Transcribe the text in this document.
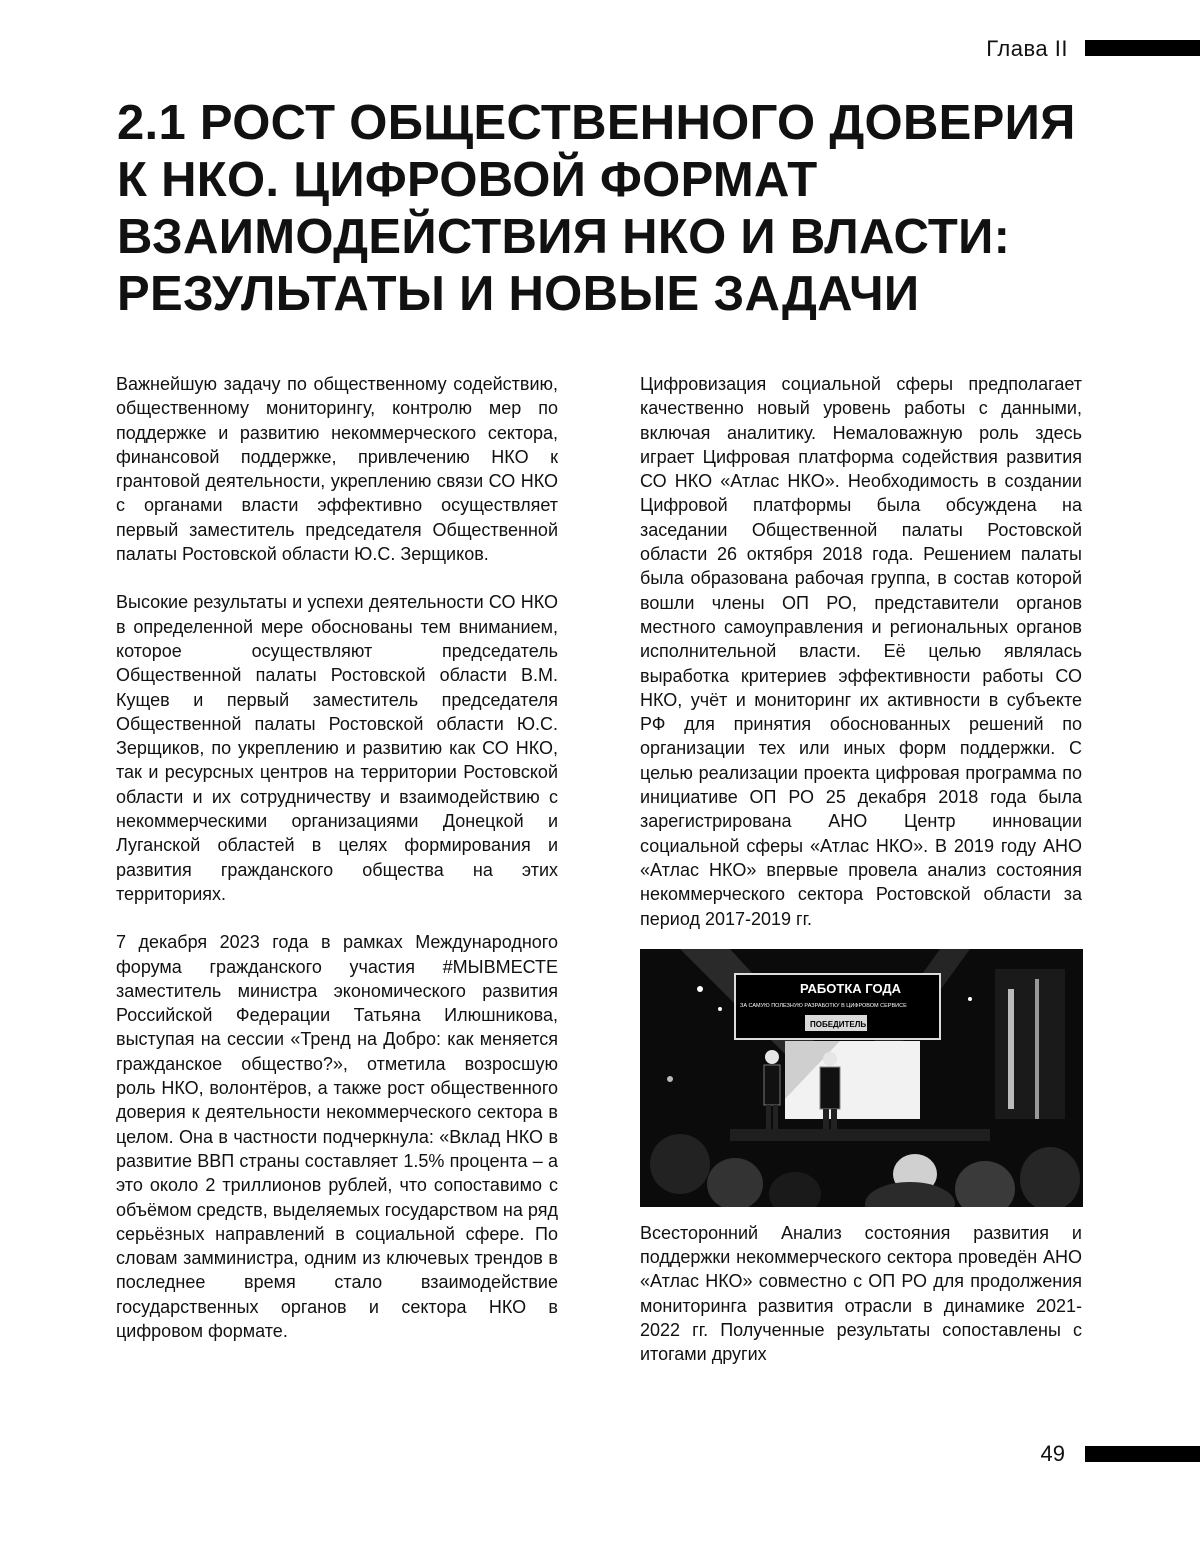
Глава II
2.1 РОСТ ОБЩЕСТВЕННОГО ДОВЕРИЯ К НКО. ЦИФРОВОЙ ФОРМАТ ВЗАИМОДЕЙСТВИЯ НКО И ВЛАСТИ: РЕЗУЛЬТАТЫ И НОВЫЕ ЗАДАЧИ

Важнейшую задачу по общественному содействию, общественному мониторингу, контролю мер по поддержке и развитию некоммерческого сектора, финансовой поддержке, привлечению НКО к грантовой деятельности, укреплению связи СО НКО с органами власти эффективно осуществляет первый заместитель председателя Общественной палаты Ростовской области Ю.С. Зерщиков.

Высокие результаты и успехи деятельности СО НКО в определенной мере обоснованы тем вниманием, которое осуществляют председатель Общественной палаты Ростовской области В.М. Кущев и первый заместитель председателя Общественной палаты Ростовской области Ю.С. Зерщиков, по укреплению и развитию как СО НКО, так и ресурсных центров на территории Ростовской области и их сотрудничеству и взаимодействию с некоммерческими организациями Донецкой и Луганской областей в целях формирования и развития гражданского общества на этих территориях.

7 декабря 2023 года в рамках Международного форума гражданского участия #МЫВМЕСТЕ заместитель министра экономического развития Российской Федерации Татьяна Илюшникова, выступая на сессии «Тренд на Добро: как меняется гражданское общество?», отметила возросшую роль НКО, волонтёров, а также рост общественного доверия к деятельности некоммерческого сектора в целом. Она в частности подчеркнула: «Вклад НКО в развитие ВВП страны составляет 1.5% процента – а это около 2 триллионов рублей, что сопоставимо с объёмом средств, выделяемых государством на ряд серьёзных направлений в социальной сфере. По словам замминистра, одним из ключевых трендов в последнее время стало взаимодействие государственных органов и сектора НКО в цифровом формате.

Цифровизация социальной сферы предполагает качественно новый уровень работы с данными, включая аналитику. Немаловажную роль здесь играет Цифровая платформа содействия развития СО НКО «Атлас НКО». Необходимость в создании Цифровой платформы была обсуждена на заседании Общественной палаты Ростовской области 26 октября 2018 года. Решением палаты была образована рабочая группа, в состав которой вошли члены ОП РО, представители органов местного самоуправления и региональных органов исполнительной власти. Её целью являлась выработка критериев эффективности работы СО НКО, учёт и мониторинг их активности в субъекте РФ для принятия обоснованных решений по организации тех или иных форм поддержки. С целью реализации проекта цифровая программа по инициативе ОП РО 25 декабря 2018 года была зарегистрирована АНО Центр инновации социальной сферы «Атлас НКО». В 2019 году АНО «Атлас НКО» впервые провела анализ состояния некоммерческого сектора Ростовской области за период 2017-2019 гг.

РАБОТКА ГОДА
ЗА САМУЮ ПОЛЕЗНУЮ РАЗРАБОТКУ В ЦИФРОВОМ СЕРВИСЕ
ПОБЕДИТЕЛЬ

Всесторонний Анализ состояния развития и поддержки некоммерческого сектора проведён АНО «Атлас НКО» совместно с ОП РО для продолжения мониторинга развития отрасли в динамике 2021-2022 гг. Полученные результаты сопоставлены с итогами других

49
